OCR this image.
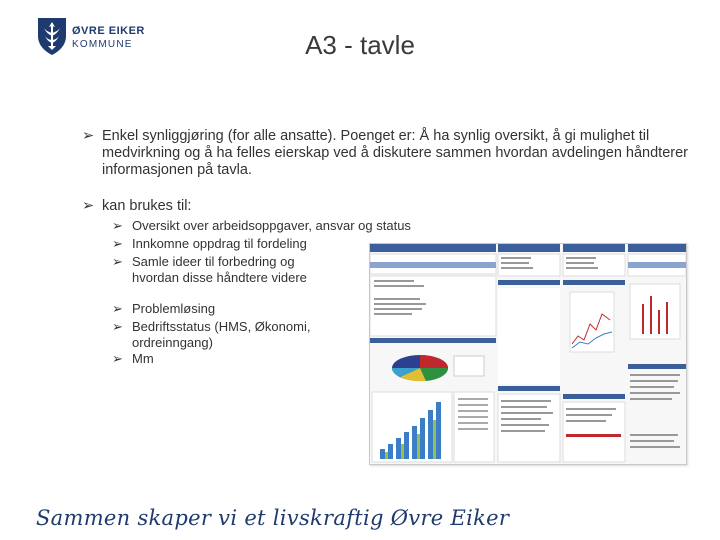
ØVRE EIKER
KOMMUNE	A3 - tavle
➢ Enkel synliggjøring (for alle ansatte). Poenget er: Å ha synlig oversikt, å gi mulighet til medvirkning og å ha felles eierskap ved å diskutere sammen hvordan avdelingen håndterer informasjonen på tavla.
➢ kan brukes til:
➢ Oversikt over arbeidsoppgaver, ansvar og status
➢ Innkomne oppdrag til fordeling
➢ Samle ideer til forbedring og hvordan disse håndtere videre
➢ Problemløsing
➢ Bedriftsstatus (HMS, Økonomi, ordreinngang)
➢ Mm
Sammen skaper vi et livskraftig Øvre Eiker
